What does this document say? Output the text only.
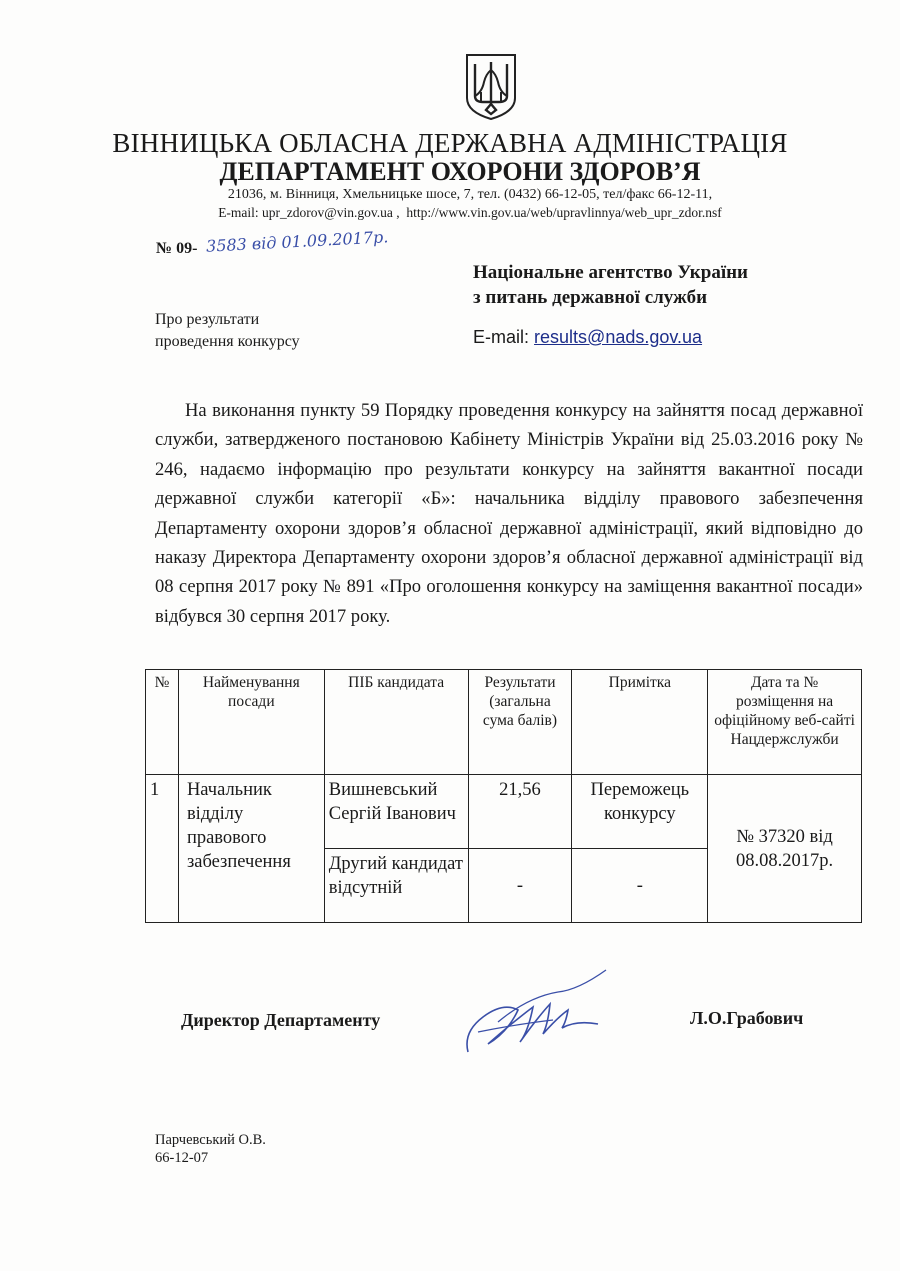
ВІННИЦЬКА ОБЛАСНА ДЕРЖАВНА АДМІНІСТРАЦІЯ
ДЕПАРТАМЕНТ ОХОРОНИ ЗДОРОВ’Я
21036, м. Вінниця, Хмельницьке шосе, 7, тел. (0432) 66-12-05, тел/факс 66-12-11,
E-mail: upr_zdorov@vin.gov.ua , http://www.vin.gov.ua/web/upravlinnya/web_upr_zdor.nsf
№ 09- 3583 від 01.09.2017р.
Національне агентство України
з питань державної служби
Про результати
проведення конкурсу	E-mail: results@nads.gov.ua
На виконання пункту 59 Порядку проведення конкурсу на зайняття посад державної служби, затвердженого постановою Кабінету Міністрів України від 25.03.2016 року № 246, надаємо інформацію про результати конкурсу на зайняття вакантної посади державної служби категорії «Б»: начальника відділу правового забезпечення Департаменту охорони здоров’я обласної державної адміністрації, який відповідно до наказу Директора Департаменту охорони здоров’я обласної державної адміністрації від 08 серпня 2017 року № 891 «Про оголошення конкурсу на заміщення вакантної посади» відбувся 30 серпня 2017 року.
№	Найменування посади	ПІБ кандидата	Результати (загальна сума балів)	Примітка	Дата та № розміщення на офіційному веб-сайті Нацдержслужби
1	Начальник відділу правового забезпечення	Вишневський Сергій Іванович	21,56	Переможець конкурсу	№ 37320 від 08.08.2017р.
		Другий кандидат відсутній	-	-	
Директор Департаменту	Л.О.Грабович
Парчевський О.В.
66-12-07
